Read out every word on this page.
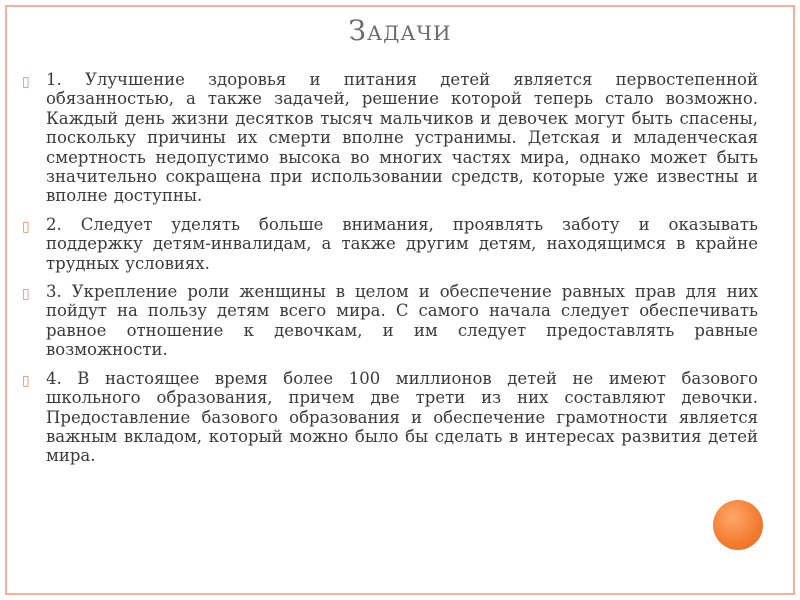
Задачи
▯ 1. Улучшение здоровья и питания детей является первостепенной обязанностью, а также задачей, решение которой теперь стало возможно. Каждый день жизни десятков тысяч мальчиков и девочек могут быть спасены, поскольку причины их смерти вполне устранимы. Детская и младенческая смертность недопустимо высока во многих частях мира, однако может быть значительно сокращена при использовании средств, которые уже известны и вполне доступны.
▯ 2. Следует уделять больше внимания, проявлять заботу и оказывать поддержку детям-инвалидам, а также другим детям, находящимся в крайне трудных условиях.
▯ 3. Укрепление роли женщины в целом и обеспечение равных прав для них пойдут на пользу детям всего мира. С самого начала следует обеспечивать равное отношение к девочкам, и им следует предоставлять равные возможности.
▯ 4. В настоящее время более 100 миллионов детей не имеют базового школьного образования, причем две трети из них составляют девочки. Предоставление базового образования и обеспечение грамотности является важным вкладом, который можно было бы сделать в интересах развития детей мира.
